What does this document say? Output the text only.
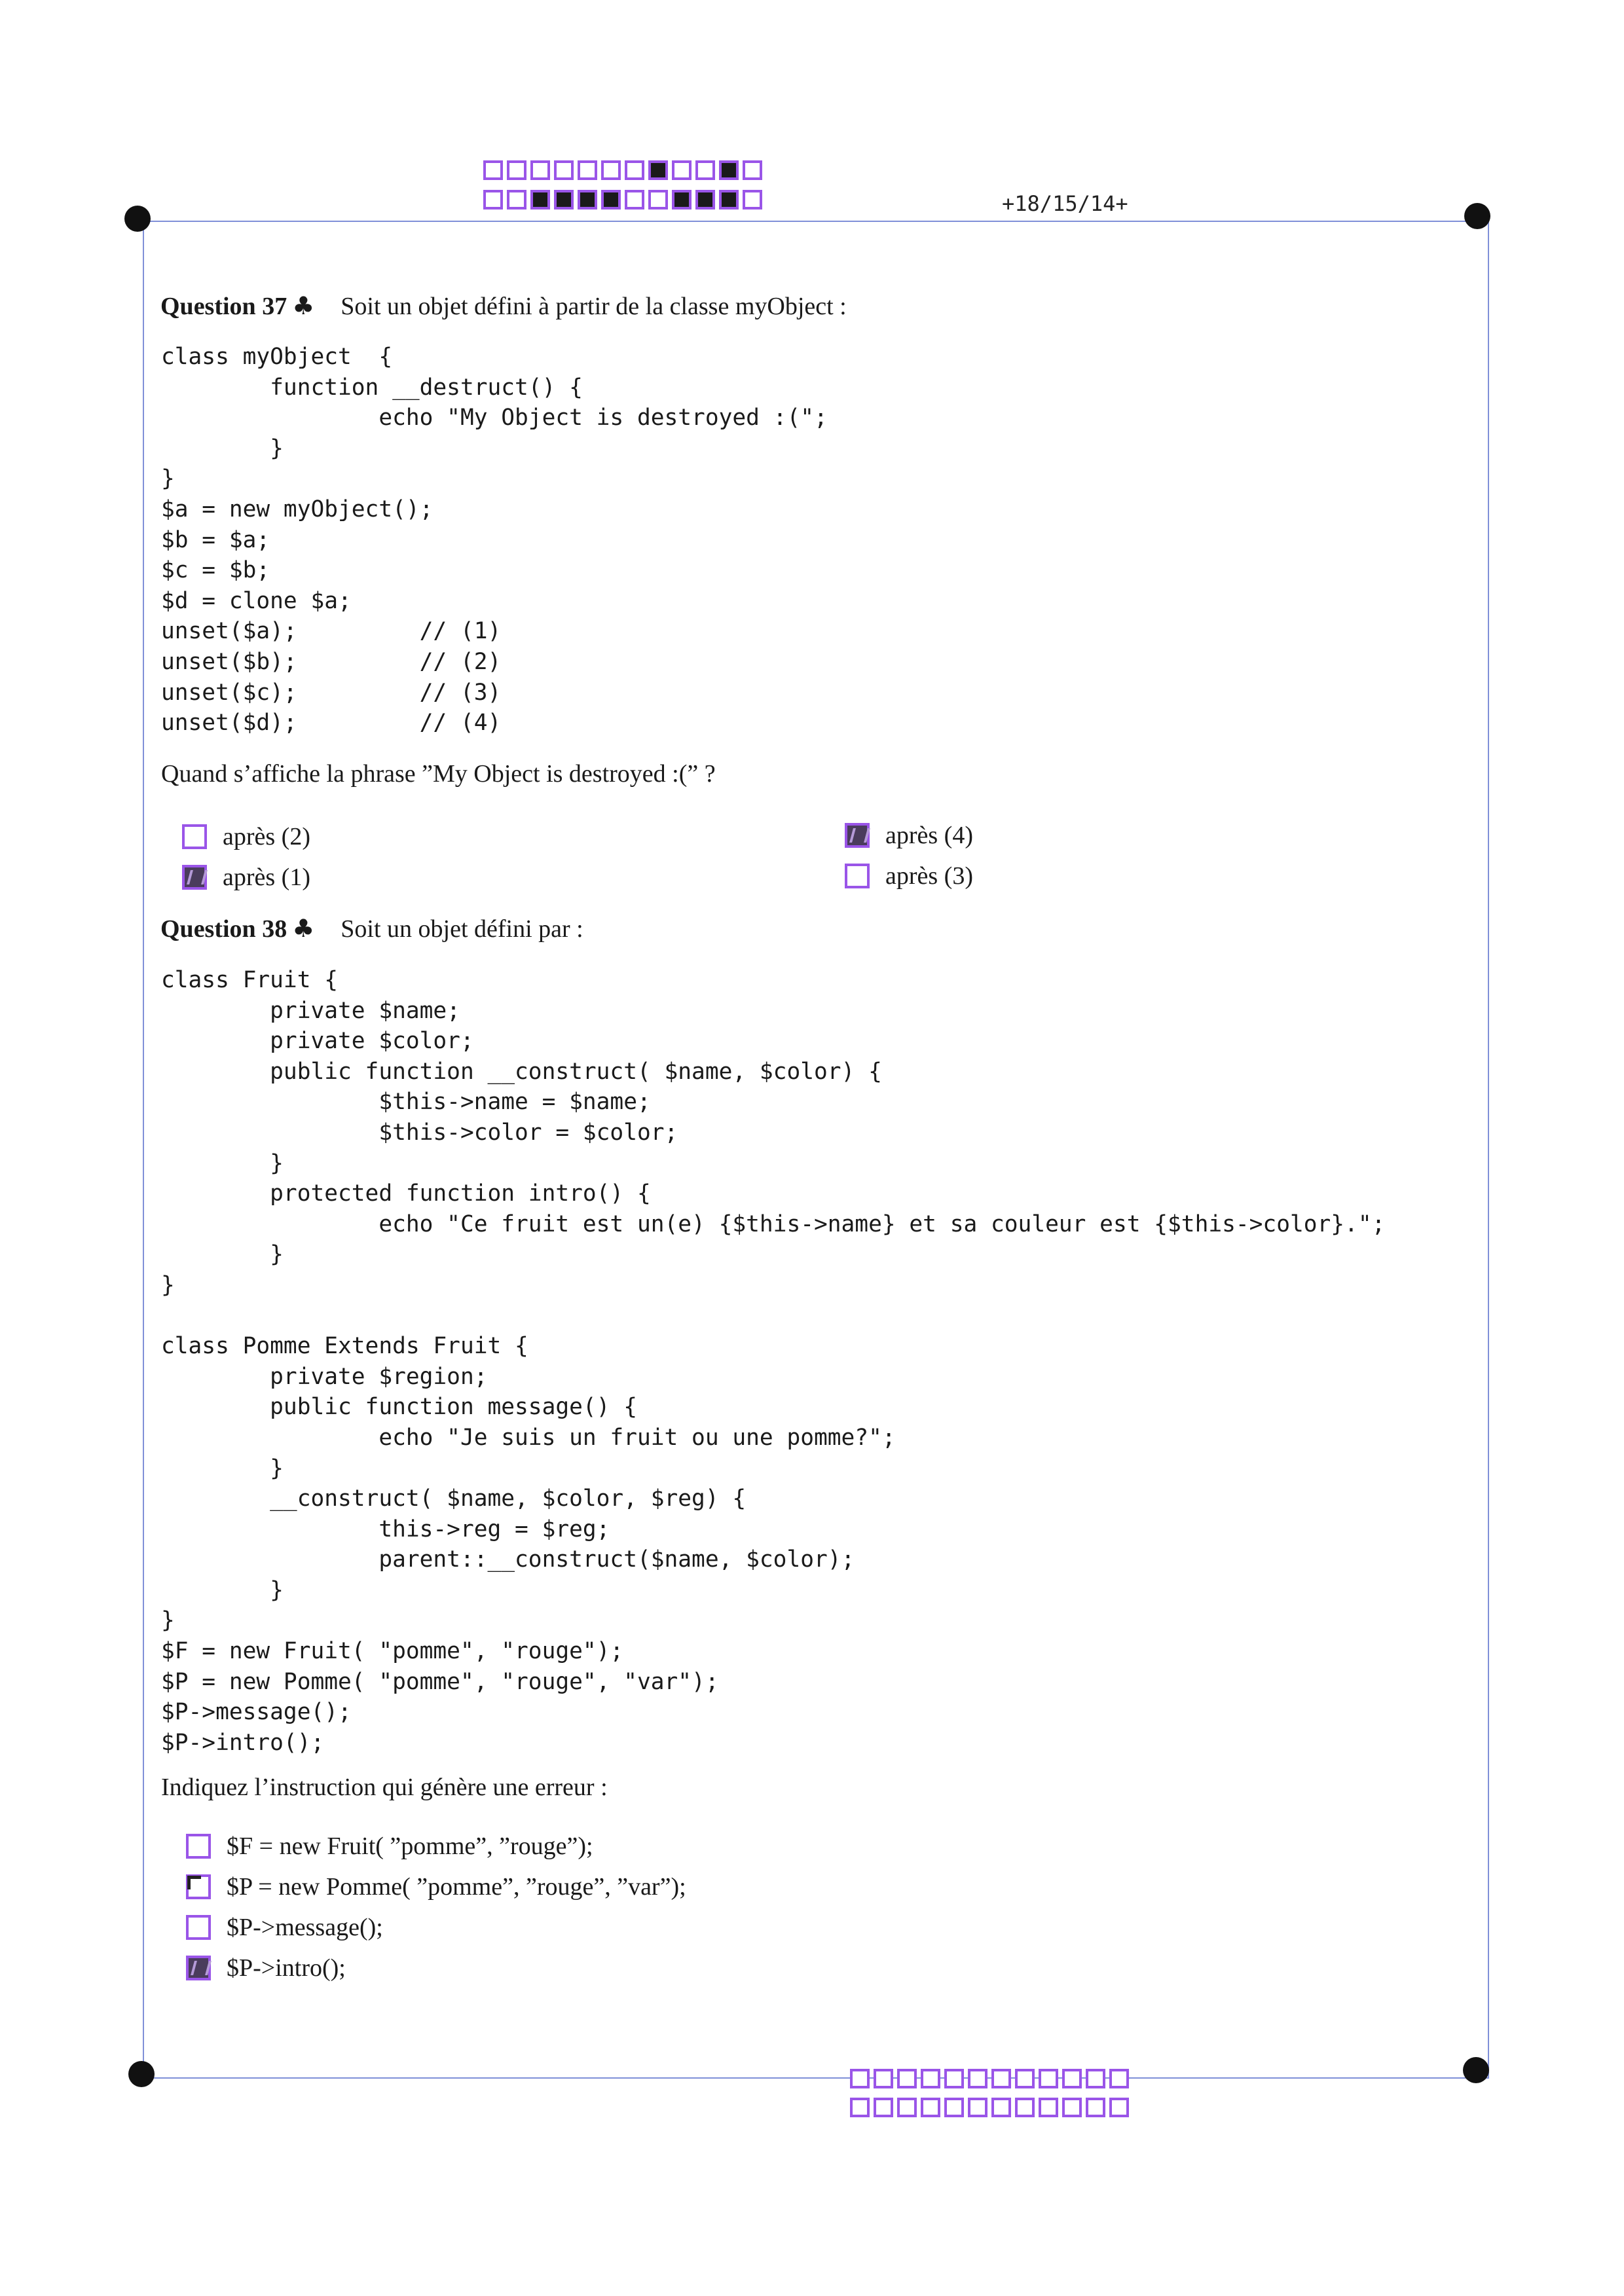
+18/15/14+
Question 37 ♣ Soit un objet défini à partir de la classe myObject :
class myObject  {
function __destruct() {
echo "My Object is destroyed :(";
}
}
$a = new myObject();
$b = $a;
$c = $b;
$d = clone $a;
unset($a);         // (1)
unset($b);         // (2)
unset($c);         // (3)
unset($d);         // (4)
Quand s’affiche la phrase ”My Object is destroyed :(” ?
après (2)
après (1)
après (4)
après (3)
Question 38 ♣ Soit un objet défini par :
class Fruit {
private $name;
private $color;
public function __construct( $name, $color) {
$this->name = $name;
$this->color = $color;
}
protected function intro() {
echo "Ce fruit est un(e) {$this->name} et sa couleur est {$this->color}.";
}
}

class Pomme Extends Fruit {
private $region;
public function message() {
echo "Je suis un fruit ou une pomme?";
}
__construct( $name, $color, $reg) {
this->reg = $reg;
parent::__construct($name, $color);
}
}
$F = new Fruit( "pomme", "rouge");
$P = new Pomme( "pomme", "rouge", "var");
$P->message();
$P->intro();
Indiquez l’instruction qui génère une erreur :
$F = new Fruit( ”pomme”, ”rouge”);
$P = new Pomme( ”pomme”, ”rouge”, ”var”);
$P->message();
$P->intro();
